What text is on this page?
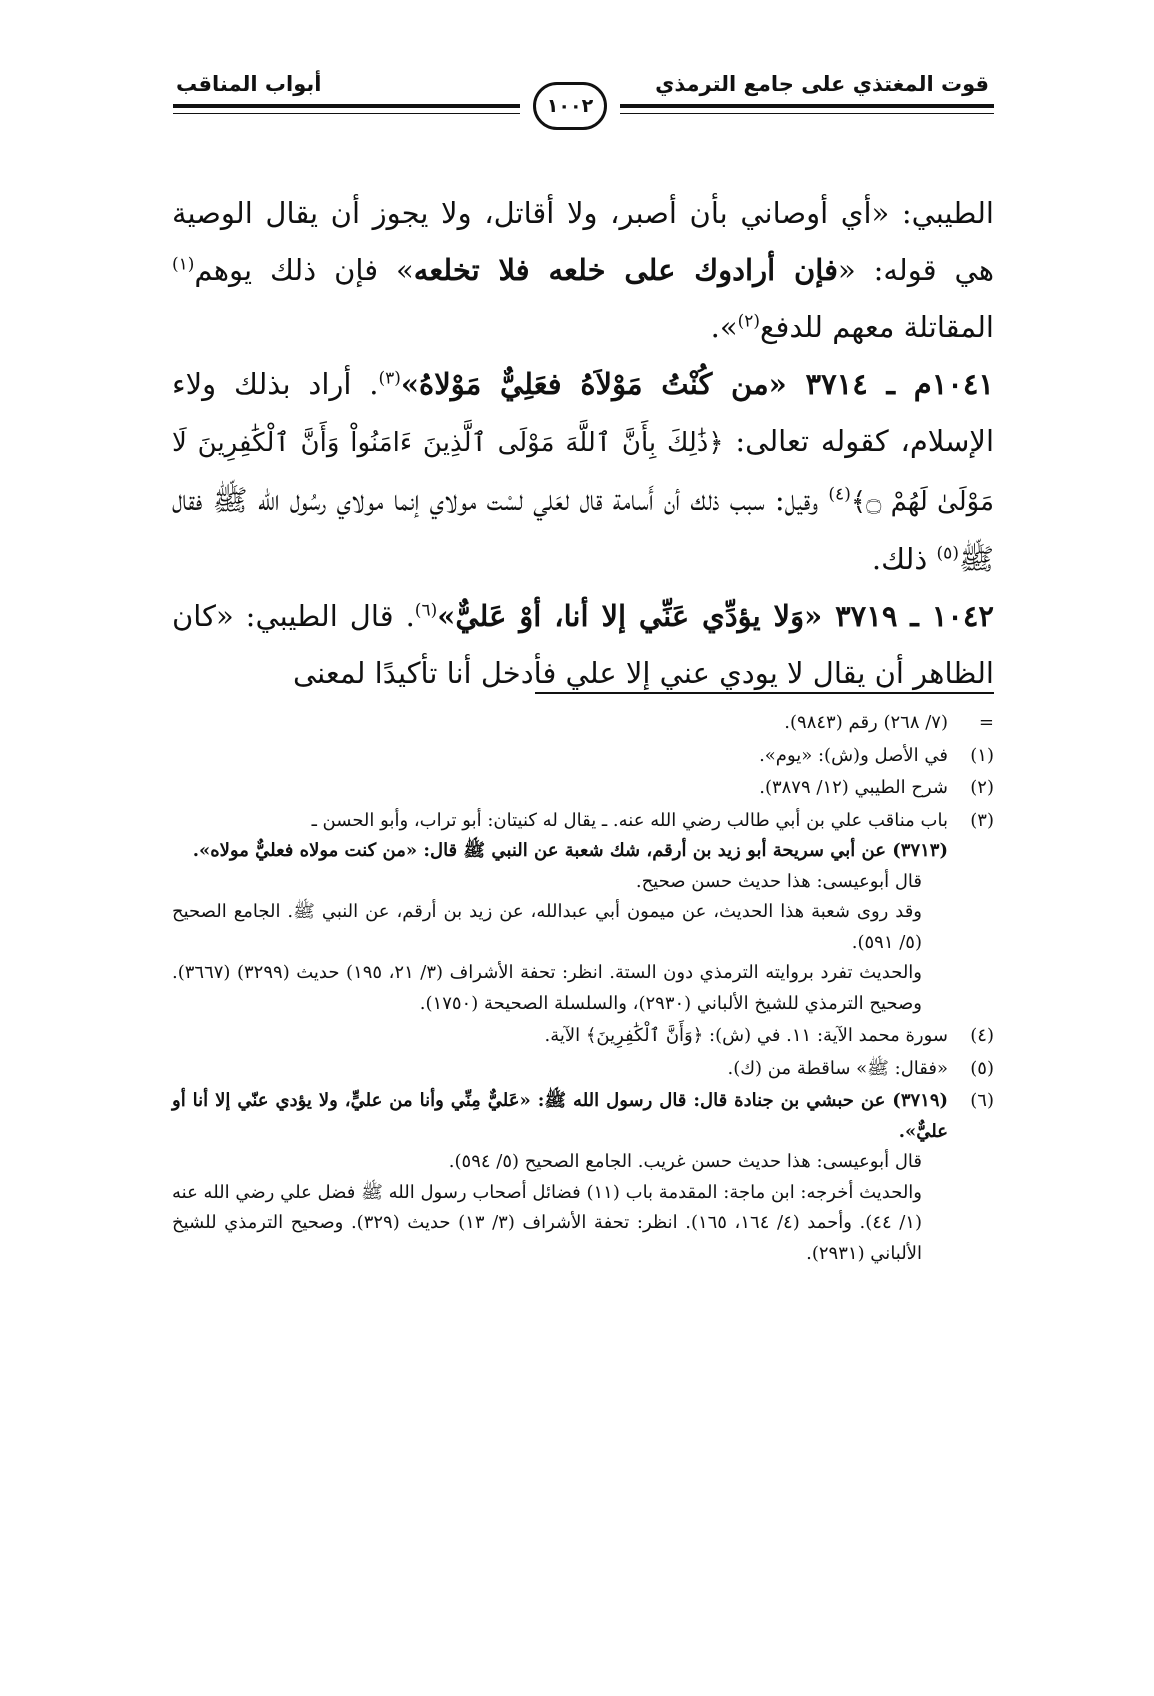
قوت المغتذي على جامع الترمذي
أبواب المناقب
١٠٠٢

الطيبي: «أي أوصاني بأن أصبر، ولا أقاتل، ولا يجوز أن يقال الوصية هي قوله: «فإن أرادوك على خلعه فلا تخلعه» فإن ذلك يوهم$^{(١)}$ المقاتلة معهم للدفع$^{(٢)}$».

١٠٤١م ـ ٣٧١٤ «من كُنْتُ مَوْلاَهُ فعَلِيٌّ مَوْلاهُ»$^{(٣)}$. أراد بذلك ولاء الإسلام، كقوله تعالى: ﴿ذَٰلِكَ بِأَنَّ ٱللَّهَ مَوْلَى ٱلَّذِينَ ءَامَنُواْ وَأَنَّ ٱلْكَٰفِرِينَ لَا مَوْلَىٰ لَهُمْ ۝﴾$^{(٤)}$ وقيل: سبب ذلك أن أَسامة قال لعَلي لسْت مولاي إنما مولاي رسُول الله ﷺ فقال ﷺ$^{(٥)}$ ذلك.

١٠٤٢ ـ ٣٧١٩ «وَلا يؤدِّي عَنِّي إلا أنا، أوْ عَليٌّ»$^{(٦)}$. قال الطيبي: «كان الظاهر أن يقال لا يودي عني إلا علي فأدخل أنا تأكيدًا لمعنى

=
(٧/ ٢٦٨) رقم (٩٨٤٣).
(١)
في الأصل و(ش): «يوم».
(٢)
شرح الطيبي (١٢/ ٣٨٧٩).
(٣)

باب مناقب علي بن أبي طالب رضي الله عنه. ـ يقال له كنيتان: أبو تراب، وأبو الحسن ـ

(٣٧١٣) عن أبي سريحة أبو زيد بن أرقم، شك شعبة عن النبي ﷺ قال: «من كنت مولاه فعليٌّ مولاه».

قال أبوعيسى: هذا حديث حسن صحيح.

وقد روى شعبة هذا الحديث، عن ميمون أبي عبدالله، عن زيد بن أرقم، عن النبي ﷺ. الجامع الصحيح (٥/ ٥٩١).

والحديث تفرد بروايته الترمذي دون الستة. انظر: تحفة الأشراف (٣/ ٢١، ١٩٥) حديث (٣٢٩٩) (٣٦٦٧). وصحيح الترمذي للشيخ الألباني (٢٩٣٠)، والسلسلة الصحيحة (١٧٥٠).

(٤)
سورة محمد الآية: ١١. في (ش): ﴿وَأَنَّ ٱلْكَٰفِرِينَ﴾ الآية.
(٥)
«فقال: ﷺ» ساقطة من (ك).
(٦)

(٣٧١٩) عن حبشي بن جنادة قال: قال رسول الله ﷺ: «عَليٌّ مِنِّي وأنا من عليٍّ، ولا يؤدي عنّي إلا أنا أو عليٌّ».

قال أبوعيسى: هذا حديث حسن غريب. الجامع الصحيح (٥/ ٥٩٤).

والحديث أخرجه: ابن ماجة: المقدمة باب (١١) فضائل أصحاب رسول الله ﷺ فضل علي رضي الله عنه (١/ ٤٤). وأحمد (٤/ ١٦٤، ١٦٥). انظر: تحفة الأشراف (٣/ ١٣) حديث (٣٢٩). وصحيح الترمذي للشيخ الألباني (٢٩٣١).
